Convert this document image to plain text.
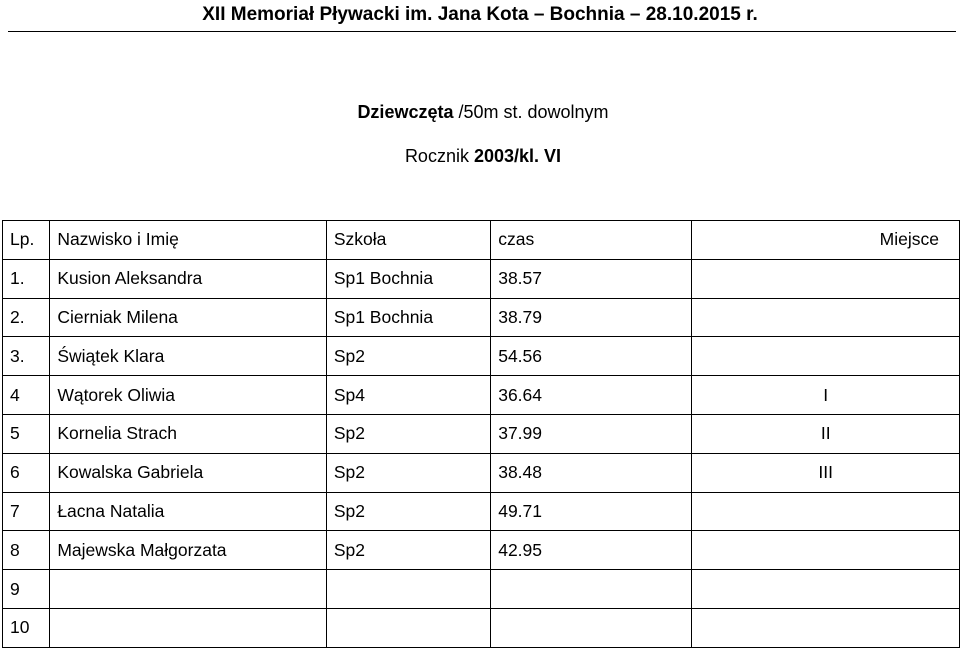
XII Memoriał Pływacki im. Jana Kota – Bochnia – 28.10.2015 r.
Dziewczęta /50m st. dowolnym
Rocznik 2003/kl. VI
Lp.	Nazwisko i Imię	Szkoła	czas	Miejsce
1.	Kusion Aleksandra	Sp1 Bochnia	38.57	
2.	Cierniak Milena	Sp1 Bochnia	38.79	
3.	Świątek Klara	Sp2	54.56	
4	Wątorek Oliwia	Sp4	36.64	I
5	Kornelia Strach	Sp2	37.99	II
6	Kowalska Gabriela	Sp2	38.48	III
7	Łacna Natalia	Sp2	49.71	
8	Majewska Małgorzata	Sp2	42.95	
9				
10				
